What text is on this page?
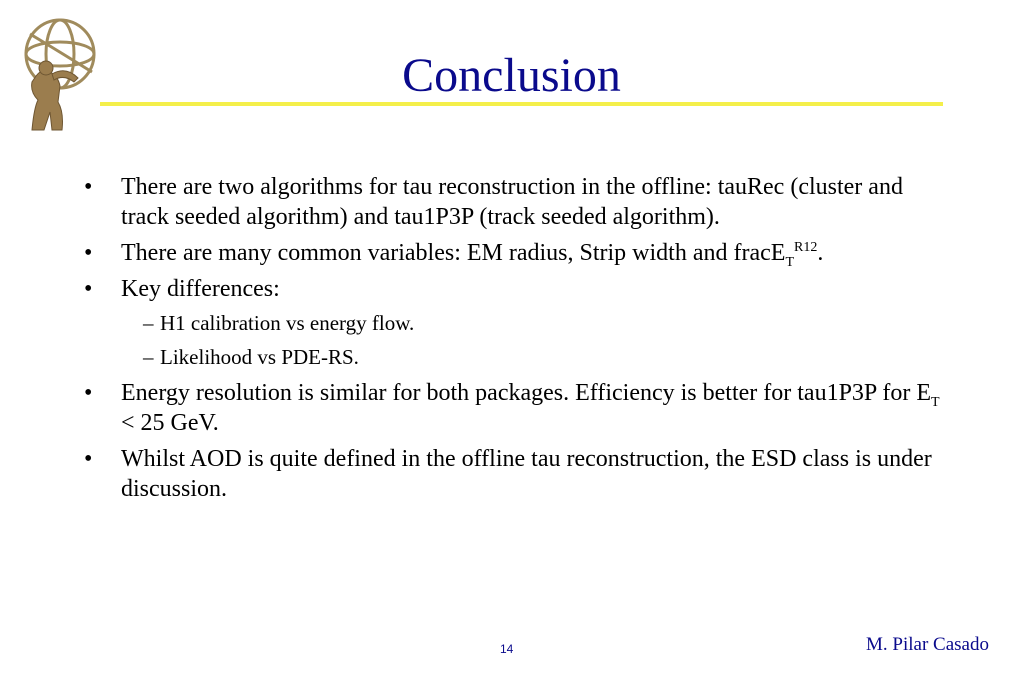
Conclusion
• There are two algorithms for tau reconstruction in the offline: tauRec (cluster and track seeded algorithm) and tau1P3P (track seeded algorithm).
• There are many common variables: EM radius, Strip width and fracE$_T^{R12}$.
• Key differences:
– H1 calibration vs energy flow.
– Likelihood vs PDE-RS.
• Energy resolution is similar for both packages. Efficiency is better for tau1P3P for $E_T < 25$ GeV.
• Whilst AOD is quite defined in the offline tau reconstruction, the ESD class is under discussion.
14	M. Pilar Casado
